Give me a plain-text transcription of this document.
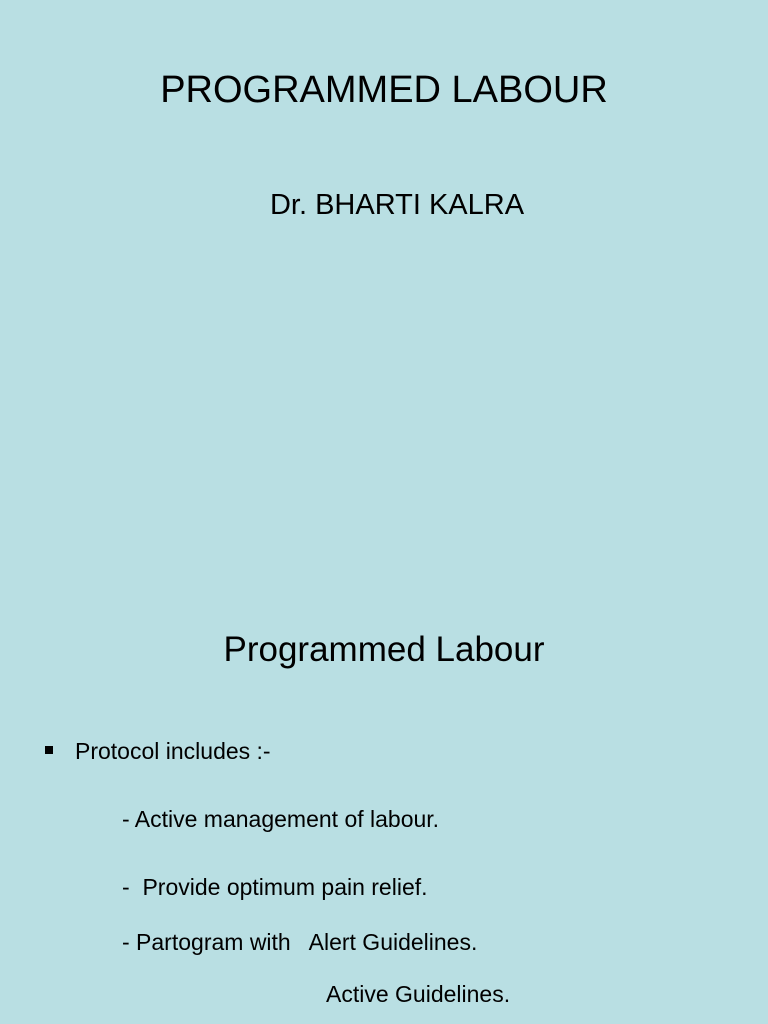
PROGRAMMED LABOUR
Dr. BHARTI KALRA
Programmed Labour
Protocol includes :-
- Active management of labour.
-  Provide optimum pain relief.
- Partogram with   Alert Guidelines.
Active Guidelines.
